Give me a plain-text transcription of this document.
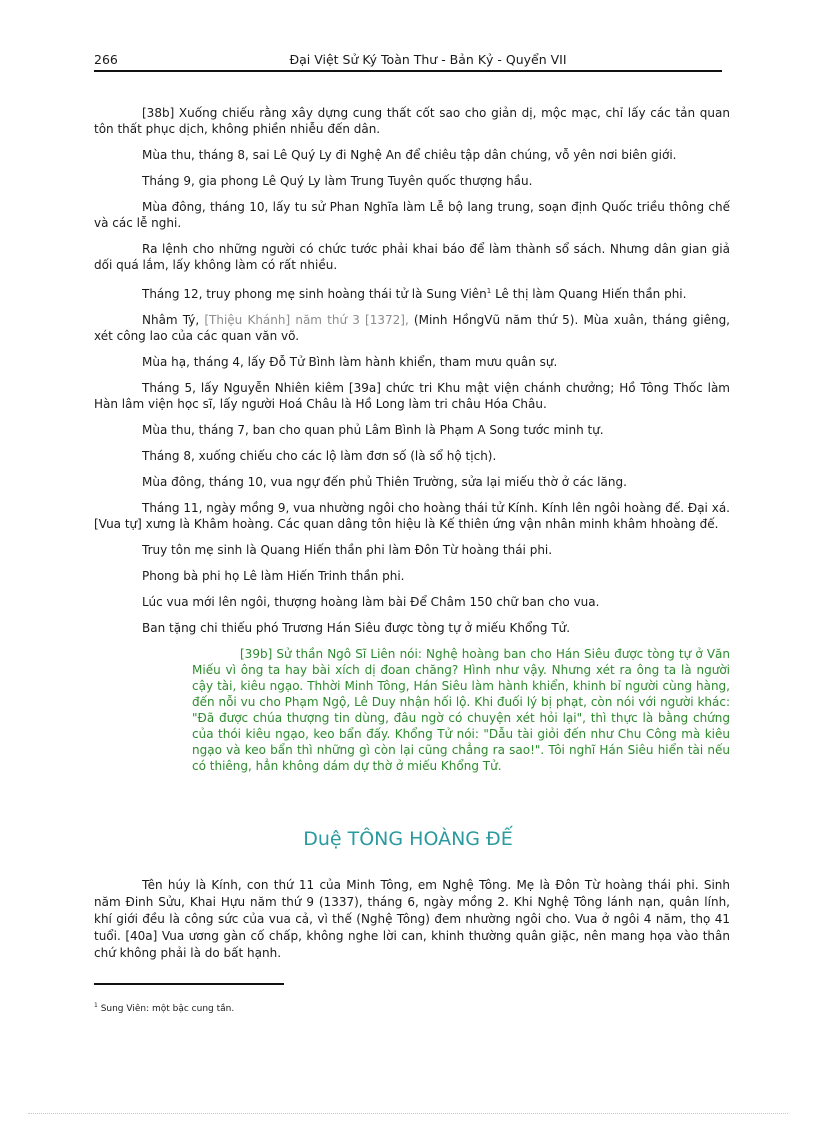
266	Đại Việt Sử Ký Toàn Thư - Bản Kỷ - Quyển VII

[38b] Xuống chiếu rằng xây dựng cung thất cốt sao cho giản dị, mộc mạc, chỉ lấy các tản quan tôn thất phục dịch, không phiền nhiễu đến dân.

Mùa thu, tháng 8, sai Lê Quý Ly đi Nghệ An để chiêu tập dân chúng, vỗ yên nơi biên giới.

Tháng 9, gia phong Lê Quý Ly làm Trung Tuyên quốc thượng hầu.

Mùa đông, tháng 10, lấy tu sử Phan Nghĩa làm Lễ bộ lang trung, soạn định Quốc triều thông chế và các lễ nghi.

Ra lệnh cho những người có chức tước phải khai báo để làm thành sổ sách. Nhưng dân gian giả dối quá lắm, lấy không làm có rất nhiều.

Tháng 12, truy phong mẹ sinh hoàng thái tử là Sung Viên$^1$ Lê thị làm Quang Hiến thần phi.

Nhâm Tý, [Thiệu Khánh] năm thứ 3 [1372], (Minh HồngVũ năm thứ 5). Mùa xuân, tháng giêng, xét công lao của các quan văn võ.

Mùa hạ, tháng 4, lấy Đỗ Tử Bình làm hành khiển, tham mưu quân sự.

Tháng 5, lấy Nguyễn Nhiên kiêm [39a] chức tri Khu mật viện chánh chưởng; Hồ Tông Thốc làm Hàn lâm viện học sĩ, lấy người Hoá Châu là Hồ Long làm tri châu Hóa Châu.

Mùa thu, tháng 7, ban cho quan phủ Lâm Bình là Phạm A Song tước minh tự.

Tháng 8, xuống chiếu cho các lộ làm đơn số (là sổ hộ tịch).

Mùa đông, tháng 10, vua ngự đến phủ Thiên Trường, sửa lại miếu thờ ở các lăng.

Tháng 11, ngày mồng 9, vua nhường ngôi cho hoàng thái tử Kính. Kính lên ngôi hoàng đế. Đại xá. [Vua tự] xưng là Khâm hoàng. Các quan dâng tôn hiệu là Kế thiên ứng vận nhân minh khâm hhoàng đế.

Truy tôn mẹ sinh là Quang Hiến thần phi làm Đôn Từ hoàng thái phi.

Phong bà phi họ Lê làm Hiến Trinh thần phi.

Lúc vua mới lên ngôi, thượng hoàng làm bài Để Châm 150 chữ ban cho vua.

Ban tặng chi thiếu phó Trương Hán Siêu được tòng tự ở miếu Khổng Tử.

[39b] Sử thần Ngô Sĩ Liên nói: Nghệ hoàng ban cho Hán Siêu được tòng tự ở Văn Miếu vì ông ta hay bài xích dị đoan chăng? Hình như vậy. Nhưng xét ra ông ta là người cậy tài, kiêu ngạo. Thhời Minh Tông, Hán Siêu làm hành khiển, khinh bỉ người cùng hàng, đến nỗi vu cho Phạm Ngộ, Lê Duy nhận hối lộ. Khi đuối lý bị phạt, còn nói với người khác: "Đã được chúa thượng tin dùng, đâu ngờ có chuyện xét hỏi lại", thì thực là bằng chứng của thói kiêu ngạo, keo bẩn đấy. Khổng Tử nói: "Dẫu tài giỏi đến như Chu Công mà kiêu ngạo và keo bẩn thì những gì còn lại cũng chẳng ra sao!". Tôi nghĩ Hán Siêu hiển tài nếu có thiêng, hẳn không dám dự thờ ở miếu Khổng Tử.

Duệ TÔNG HOÀNG ĐẾ

Tên húy là Kính, con thứ 11 của Minh Tông, em Nghệ Tông. Mẹ là Đôn Từ hoàng thái phi. Sinh năm Đinh Sửu, Khai Hựu năm thứ 9 (1337), tháng 6, ngày mồng 2. Khi Nghệ Tông lánh nạn, quân lính, khí giới đều là công sức của vua cả, vì thế (Nghệ Tông) đem nhường ngôi cho. Vua ở ngôi 4 năm, thọ 41 tuổi. [40a] Vua ương gàn cố chấp, không nghe lời can, khinh thường quân giặc, nên mang họa vào thân chứ không phải là do bất hạnh.

$^1$ Sung Viên: một bậc cung tần.
